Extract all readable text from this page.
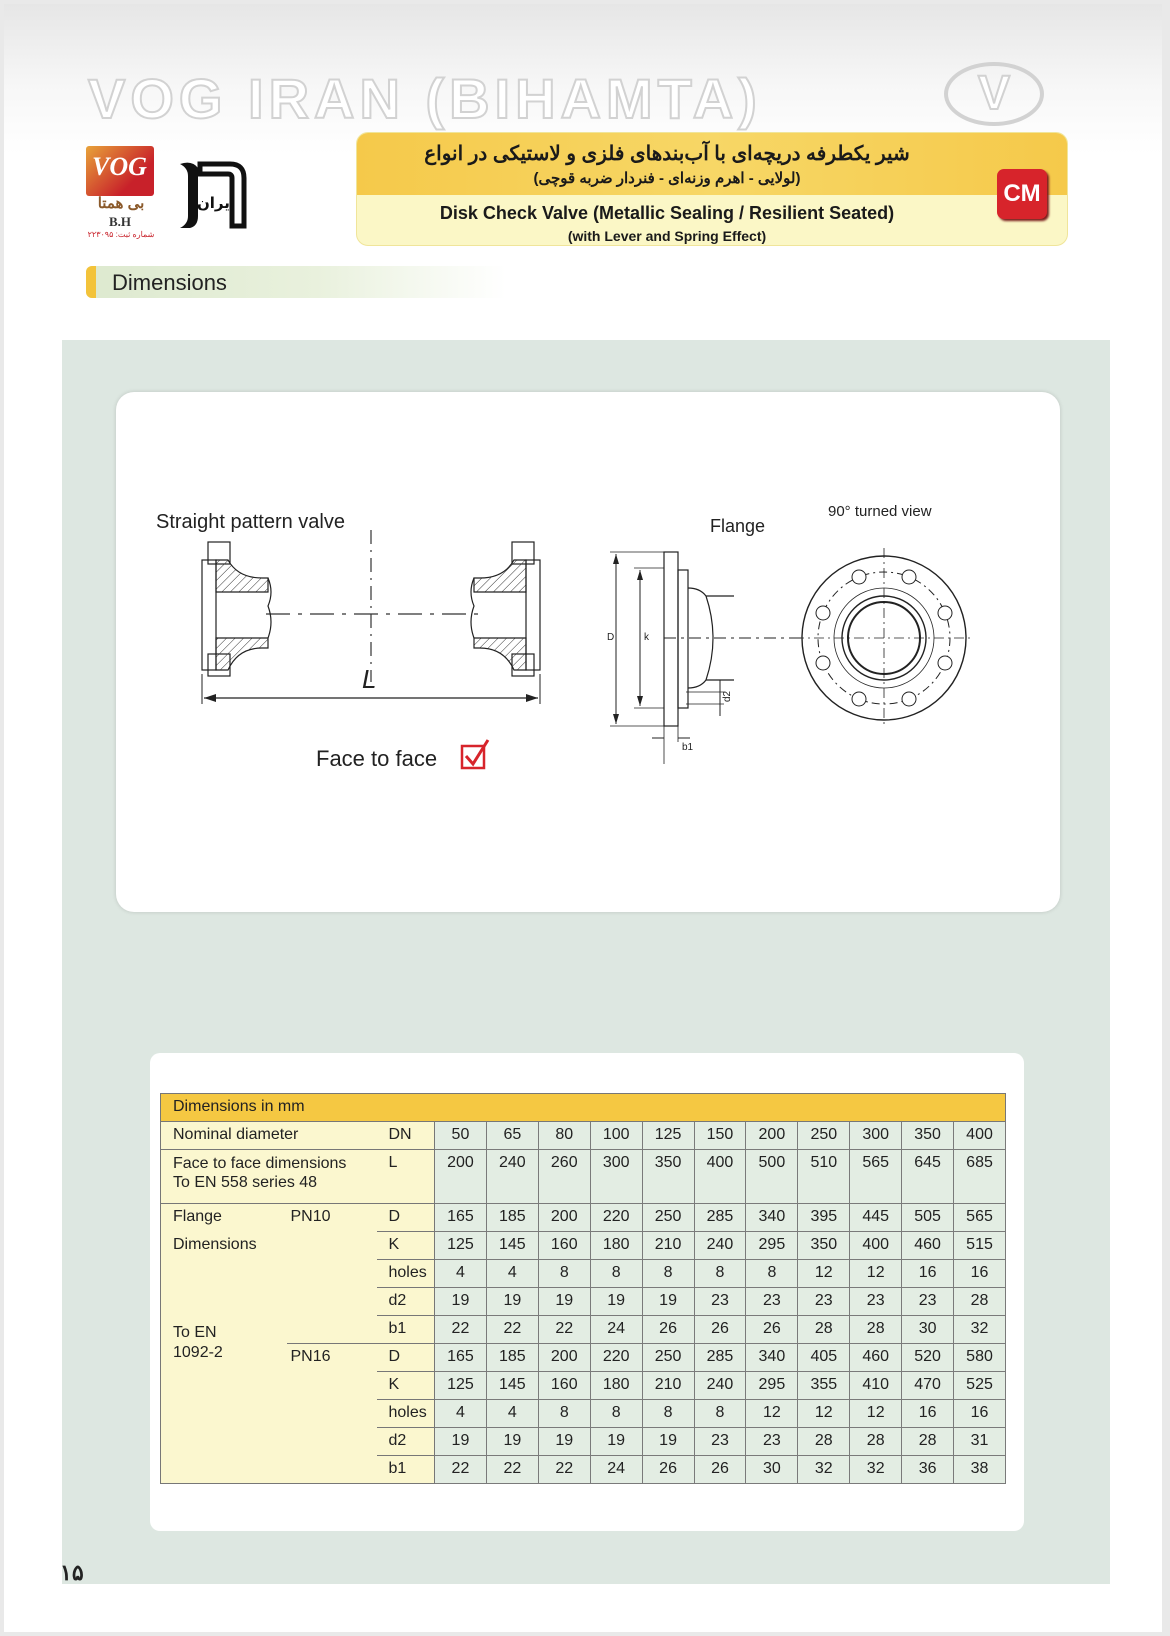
VOG IRAN (BIHAMTA)	V
VOG
بی همتا
B.H
شماره ثبت: ۲۲۳۰۹۵
ایران
شیر یکطرفه دریچه‌ای با آب‌بندهای فلزی و لاستیکی در انواع
(لولایی - اهرم وزنه‌ای - فنردار ضربه قوچی)
Disk Check Valve (Metallic Sealing / Resilient Seated)
(with Lever and Spring Effect)
CM
Dimensions
Straight pattern valve
L
Face to face
Flange
D	k
d2
b1
90° turned view
Dimensions in mm													
Nominal diameter		DN	50	65	80	100	125	150	200	250	300	350	400

Face to face dimensions
To EN 558 series 48		L	200	240	260	300	350	400	500	510	565	645	685
Flange	PN10	D	165	185	200	220	250	285	340	395	445	505	565
Dimensions		K	125	145	160	180	210	240	295	350	400	460	515
		holes	4	4	8	8	8	8	8	12	12	16	16
		d2	19	19	19	19	19	23	23	23	23	23	28
To EN		b1	22	22	22	24	26	26	26	28	28	30	32
1092-2	PN16	D	165	185	200	220	250	285	340	405	460	520	580
		K	125	145	160	180	210	240	295	355	410	470	525
		holes	4	4	8	8	8	8	12	12	12	16	16
		d2	19	19	19	19	19	23	23	28	28	28	31
		b1	22	22	22	24	26	26	30	32	32	36	38
۱۵
